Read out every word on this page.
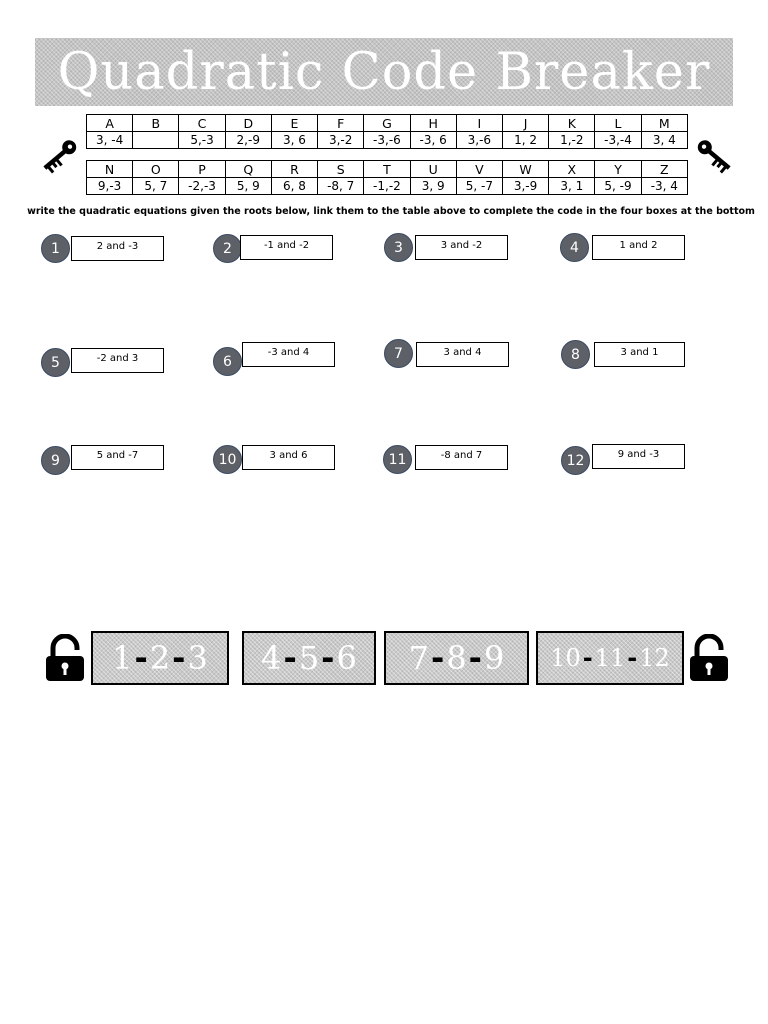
Quadratic Code Breaker
A	B	C	D	E	F	G	H	I	J	K	L	M
3, -4		5,-3	2,-9	3, 6	3,-2	-3,-6	-3, 6	3,-6	1, 2	1,-2	-3,-4	3, 4
N	O	P	Q	R	S	T	U	V	W	X	Y	Z
9,-3	5, 7	-2,-3	5, 9	6, 8	-8, 7	-1,-2	3, 9	5, -7	3,-9	3, 1	5, -9	-3, 4
write the quadratic equations given the roots below, link them to the table above to complete the code in the four boxes at the bottom
1	2 and -3	2	-1 and -2	3	3 and -2	4	1 and 2
5	-2 and 3	6
-3 and 4	7	3 and 4	8	3 and 1
9	5 and -7	10	3 and 6	11	-8 and 7	12	9 and -3
1 - 2 - 3 4 - 5 - 6 7 - 8 - 9 10 - 11 - 12
